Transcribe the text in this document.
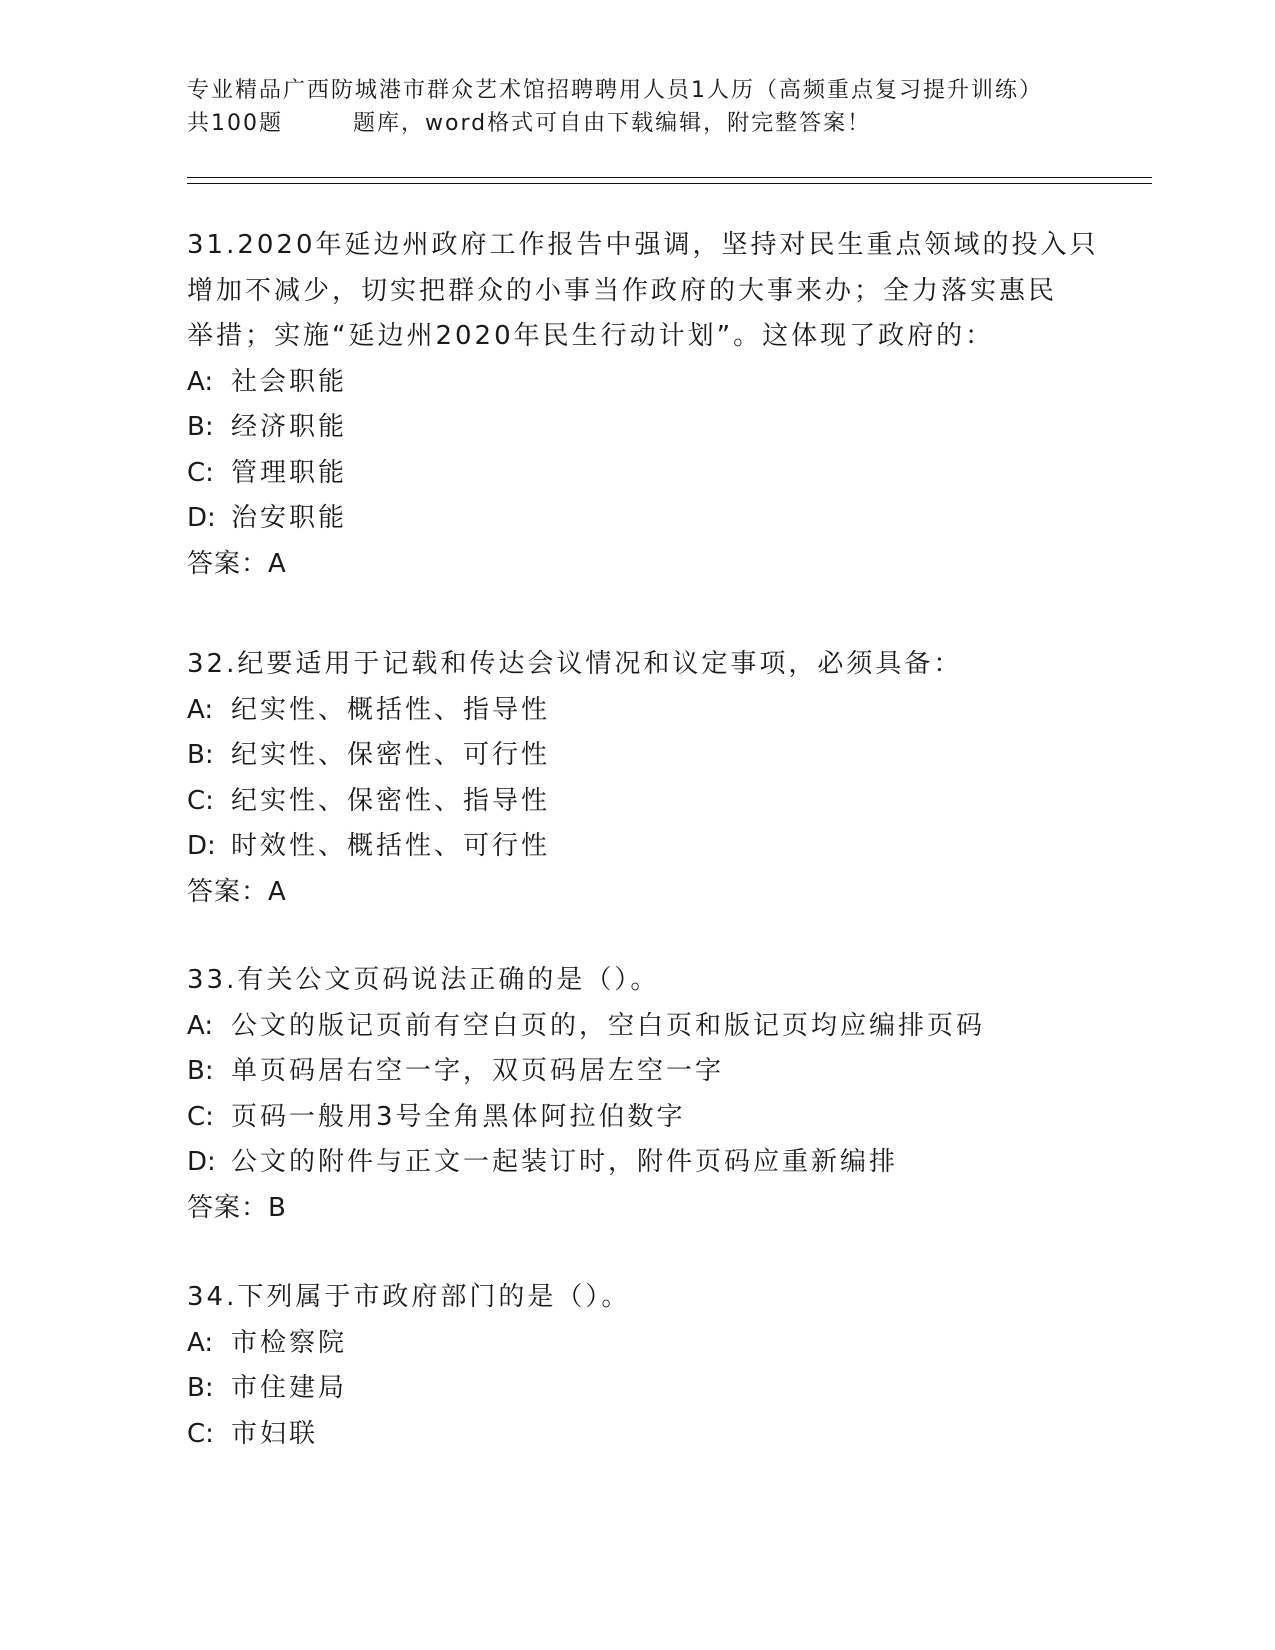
专业精品广西防城港市群众艺术馆招聘聘用人员1人历（高频重点复习提升训练）
共100题	题库，word格式可自由下载编辑，附完整答案！

31.2020年延边州政府工作报告中强调，坚持对民生重点领域的投入只

增加不减少，切实把群众的小事当作政府的大事来办；全力落实惠民

举措；实施“延边州2020年民生行动计划”。这体现了政府的：

A: 社会职能

B: 经济职能

C: 管理职能

D: 治安职能

答案：A

32.纪要适用于记载和传达会议情况和议定事项，必须具备：

A: 纪实性、概括性、指导性

B: 纪实性、保密性、可行性

C: 纪实性、保密性、指导性

D: 时效性、概括性、可行性

答案：A

33.有关公文页码说法正确的是（）。

A: 公文的版记页前有空白页的，空白页和版记页均应编排页码

B: 单页码居右空一字，双页码居左空一字

C: 页码一般用3号全角黑体阿拉伯数字

D: 公文的附件与正文一起装订时，附件页码应重新编排

答案：B

34.下列属于市政府部门的是（）。

A: 市检察院

B: 市住建局

C: 市妇联
